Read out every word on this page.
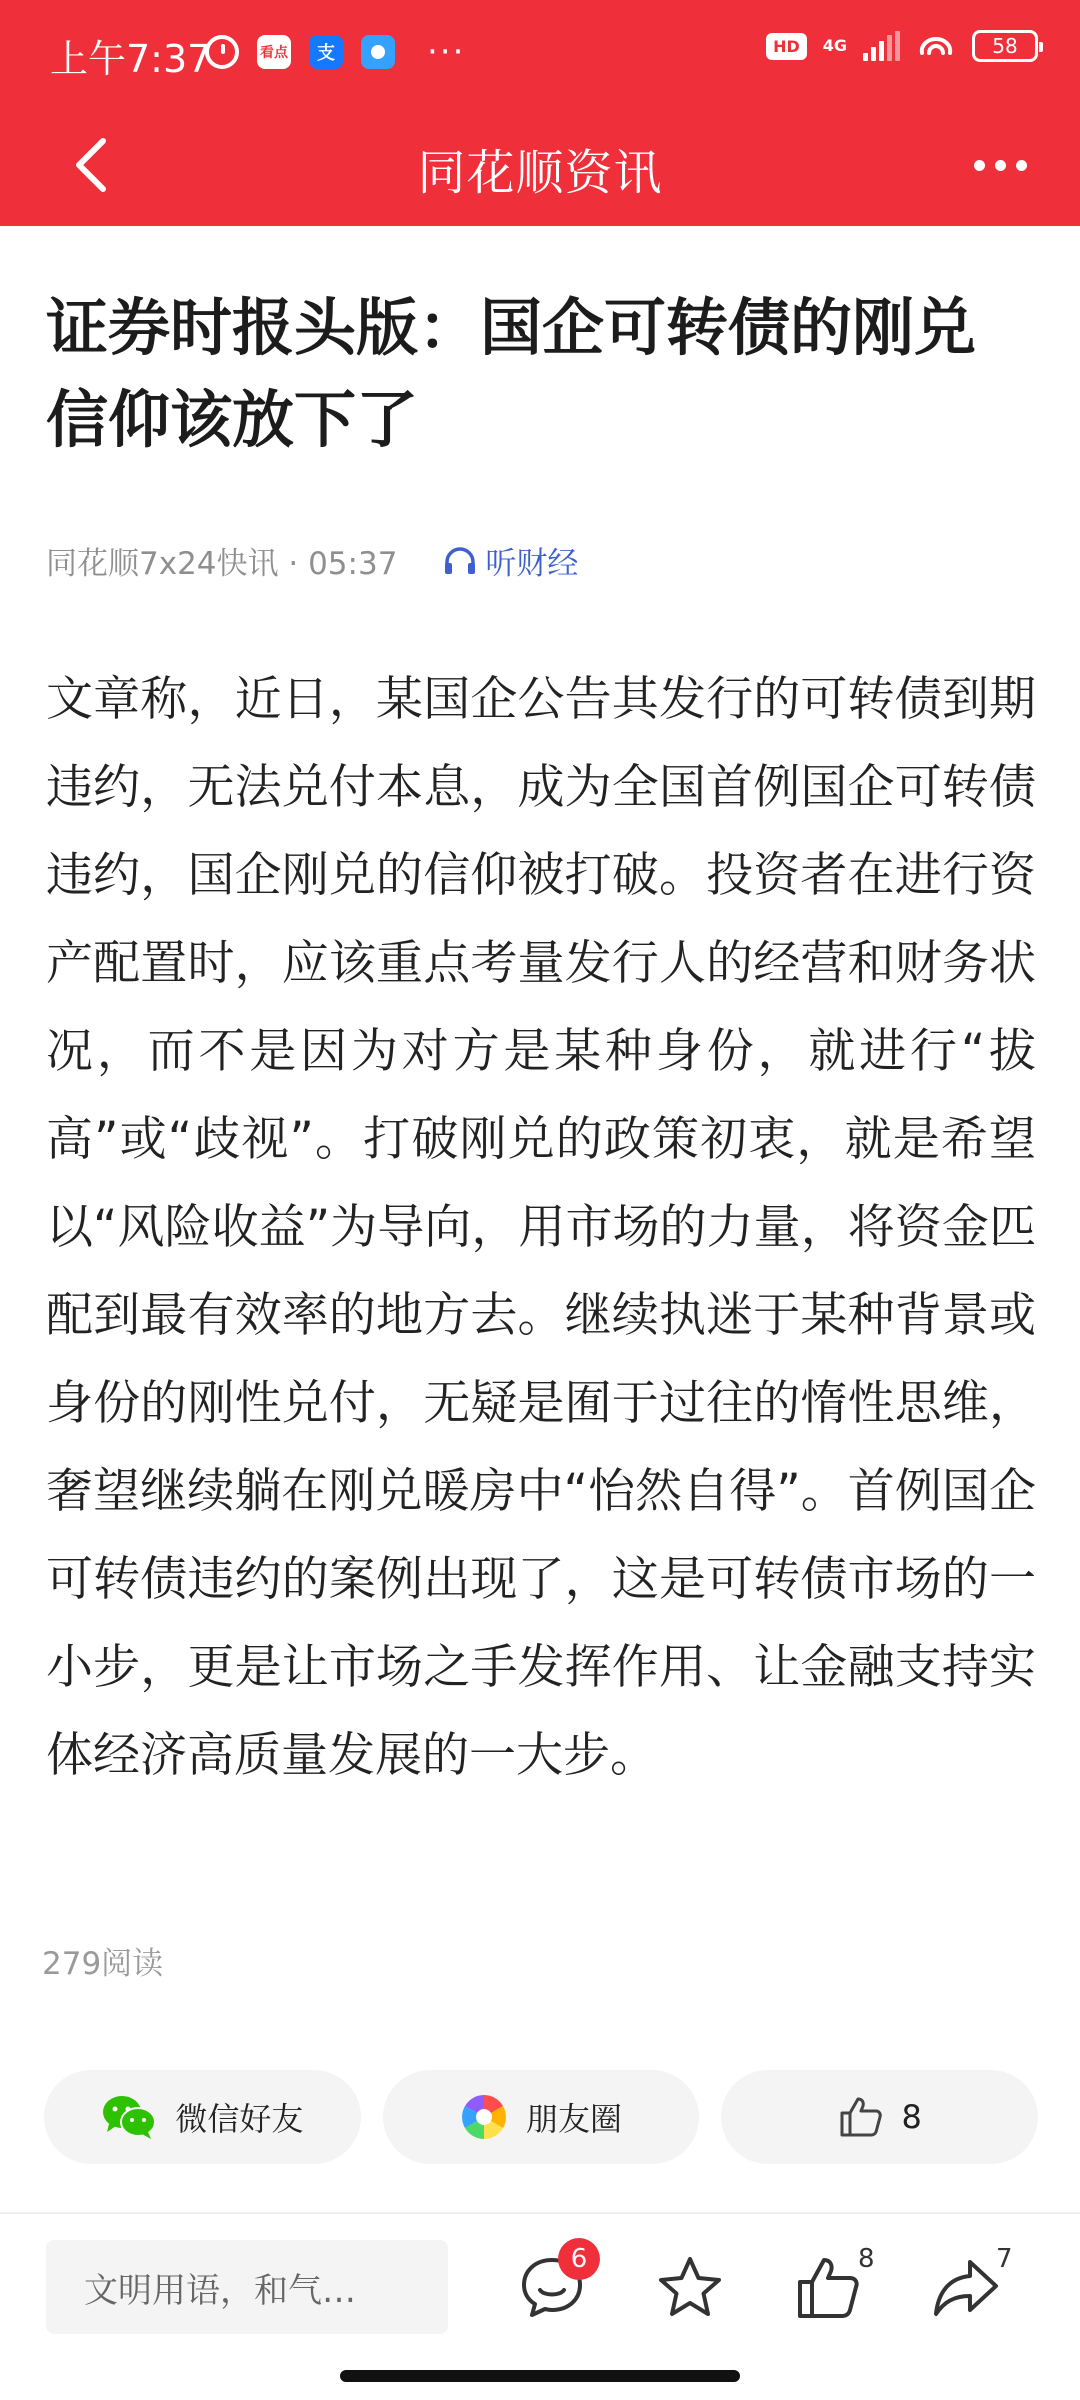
上午7:37	看点	支	···	HD	4G	58
同花顺资讯
证券时报头版：国企可转债的刚兑信仰该放下了
同花顺7x24快讯 · 05:37	听财经
文章称，近日，某国企公告其发行的可转债到期违约，无法兑付本息，成为全国首例国企可转债违约，国企刚兑的信仰被打破。投资者在进行资产配置时，应该重点考量发行人的经营和财务状况，而不是因为对方是某种身份，就进行“拔高”或“歧视”。打破刚兑的政策初衷，就是希望以“风险收益”为导向，用市场的力量，将资金匹配到最有效率的地方去。继续执迷于某种背景或身份的刚性兑付，无疑是囿于过往的惰性思维，奢望继续躺在刚兑暖房中“怡然自得”。首例国企可转债违约的案例出现了，这是可转债市场的一小步，更是让市场之手发挥作用、让金融支持实体经济高质量发展的一大步。
279阅读
微信好友	朋友圈	8
文明用语，和气…
6	8	7
